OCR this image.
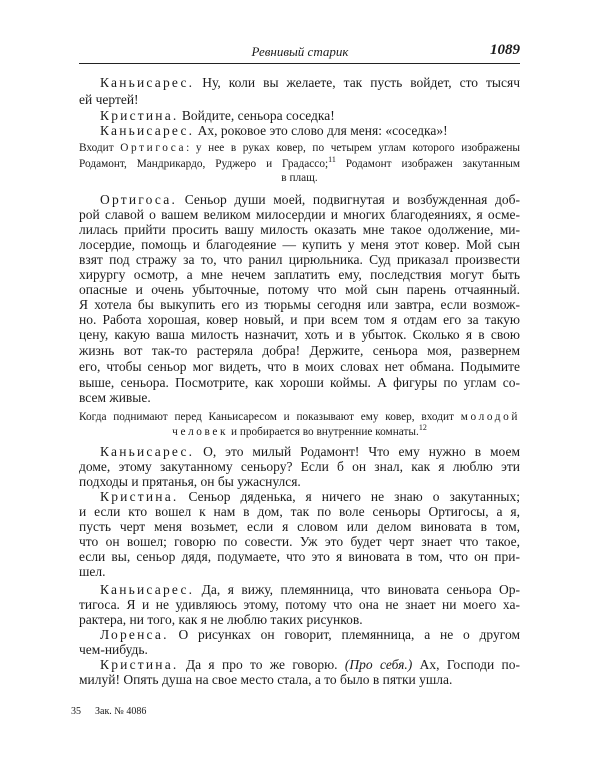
Ревнивый старик	1089
Каньисарес. Ну, коли вы желаете, так пусть войдет, сто тысяч
ей чертей!
Кристина. Войдите, сеньора соседка!
Каньисарес. Ах, роковое это слово для меня: «соседка»!
Входит Ортигоса: у нее в руках ковер, по четырем углам которого изображены
Родамонт, Мандрикардо, Руджеро и Градассо;$^{11}$ Родамонт изображен закутанным
в плащ.
Ортигоса. Сеньор души моей, подвигнутая и возбужденная доб-
рой славой о вашем великом милосердии и многих благодеяниях, я осме-
лилась прийти просить вашу милость оказать мне такое одолжение, ми-
лосердие, помощь и благодеяние — купить у меня этот ковер. Мой сын
взят под стражу за то, что ранил цирюльника. Суд приказал произвести
хирургу осмотр, а мне нечем заплатить ему, последствия могут быть
опасные и очень убыточные, потому что мой сын парень отчаянный.
Я хотела бы выкупить его из тюрьмы сегодня или завтра, если возмож-
но. Работа хорошая, ковер новый, и при всем том я отдам его за такую
цену, какую ваша милость назначит, хоть и в убыток. Сколько я в свою
жизнь вот так-то растеряла добра! Держите, сеньора моя, развернем
его, чтобы сеньор мог видеть, что в моих словах нет обмана. Подымите
выше, сеньора. Посмотрите, как хороши коймы. А фигуры по углам со-
всем живые.
Когда поднимают перед Каньисаресом и показывают ему ковер, входит молодой
человек и пробирается во внутренние комнаты.$^{12}$
Каньисарес. О, это милый Родамонт! Что ему нужно в моем
доме, этому закутанному сеньору? Если б он знал, как я люблю эти
подходы и прятанья, он бы ужаснулся.
Кристина. Сеньор дяденька, я ничего не знаю о закутанных;
и если кто вошел к нам в дом, так по воле сеньоры Ортигосы, а я,
пусть черт меня возьмет, если я словом или делом виновата в том,
что он вошел; говорю по совести. Уж это будет черт знает что такое,
если вы, сеньор дядя, подумаете, что это я виновата в том, что он при-
шел.
Каньисарес. Да, я вижу, племянница, что виновата сеньора Ор-
тигоса. Я и не удивляюсь этому, потому что она не знает ни моего ха-
рактера, ни того, как я не люблю таких рисунков.
Лоренса. О рисунках он говорит, племянница, а не о другом
чем-нибудь.
Кристина. Да я про то же говорю. (Про себя.) Ах, Господи по-
милуй! Опять душа на свое место стала, а то было в пятки ушла.
35 Зак. № 4086
